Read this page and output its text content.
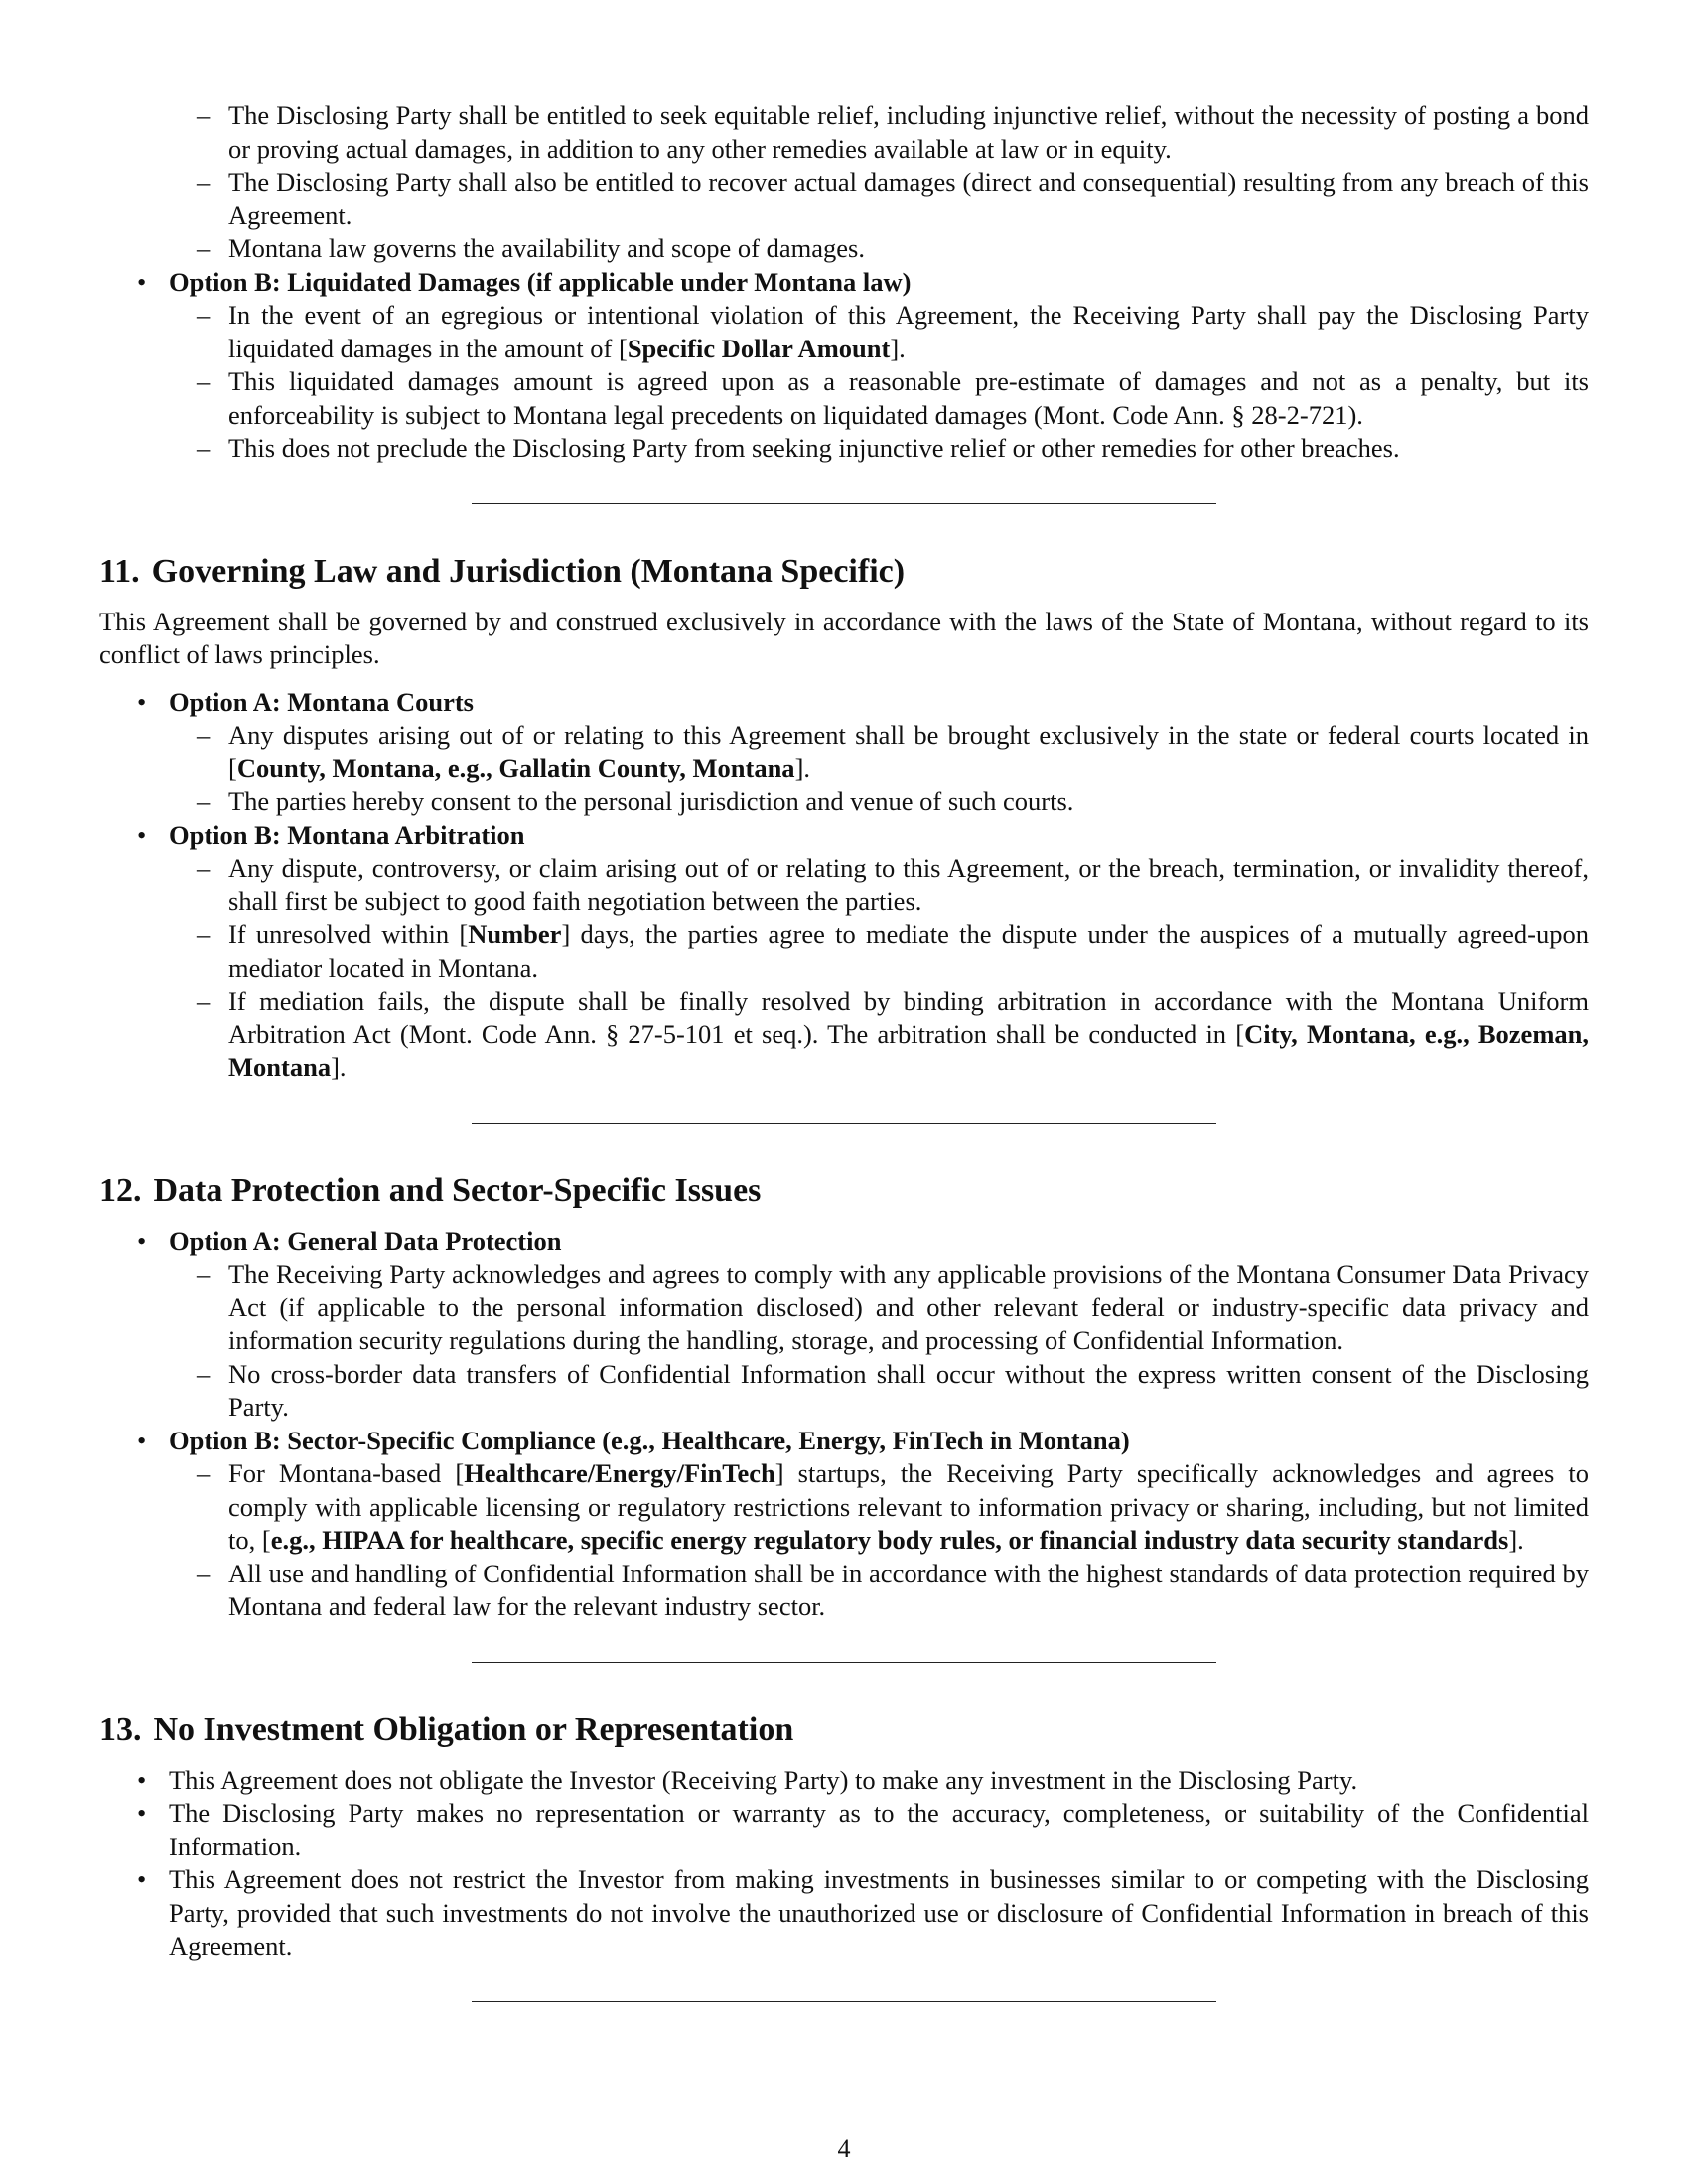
– The Disclosing Party shall be entitled to seek equitable relief, including injunctive relief, without the necessity of posting a bond or proving actual damages, in addition to any other remedies available at law or in equity.
– The Disclosing Party shall also be entitled to recover actual damages (direct and consequential) resulting from any breach of this Agreement.
– Montana law governs the availability and scope of damages.
• Option B: Liquidated Damages (if applicable under Montana law)
– In the event of an egregious or intentional violation of this Agreement, the Receiving Party shall pay the Disclosing Party liquidated damages in the amount of [Specific Dollar Amount].
– This liquidated damages amount is agreed upon as a reasonable pre-estimate of damages and not as a penalty, but its enforceability is subject to Montana legal precedents on liquidated damages (Mont. Code Ann. § 28-2-721).
– This does not preclude the Disclosing Party from seeking injunctive relief or other remedies for other breaches.
11. Governing Law and Jurisdiction (Montana Specific)

This Agreement shall be governed by and construed exclusively in accordance with the laws of the State of Montana, without regard to its conflict of laws principles.

• Option A: Montana Courts
– Any disputes arising out of or relating to this Agreement shall be brought exclusively in the state or federal courts located in [County, Montana, e.g., Gallatin County, Montana].
– The parties hereby consent to the personal jurisdiction and venue of such courts.
• Option B: Montana Arbitration
– Any dispute, controversy, or claim arising out of or relating to this Agreement, or the breach, termination, or invalidity thereof, shall first be subject to good faith negotiation between the parties.
– If unresolved within [Number] days, the parties agree to mediate the dispute under the auspices of a mutually agreed-upon mediator located in Montana.
– If mediation fails, the dispute shall be finally resolved by binding arbitration in accordance with the Montana Uniform Arbitration Act (Mont. Code Ann. § 27-5-101 et seq.). The arbitration shall be conducted in [City, Montana, e.g., Bozeman, Montana].
12. Data Protection and Sector-Specific Issues
• Option A: General Data Protection
– The Receiving Party acknowledges and agrees to comply with any applicable provisions of the Montana Consumer Data Privacy Act (if applicable to the personal information disclosed) and other relevant federal or industry-specific data privacy and information security regulations during the handling, storage, and processing of Confidential Information.
– No cross-border data transfers of Confidential Information shall occur without the express written consent of the Disclosing Party.
• Option B: Sector-Specific Compliance (e.g., Healthcare, Energy, FinTech in Montana)
– For Montana-based [Healthcare/Energy/FinTech] startups, the Receiving Party specifically acknowledges and agrees to comply with applicable licensing or regulatory restrictions relevant to information privacy or sharing, including, but not limited to, [e.g., HIPAA for healthcare, specific energy regulatory body rules, or financial industry data security standards].
– All use and handling of Confidential Information shall be in accordance with the highest standards of data protection required by Montana and federal law for the relevant industry sector.
13. No Investment Obligation or Representation
• This Agreement does not obligate the Investor (Receiving Party) to make any investment in the Disclosing Party.
• The Disclosing Party makes no representation or warranty as to the accuracy, completeness, or suitability of the Confidential Information.
• This Agreement does not restrict the Investor from making investments in businesses similar to or competing with the Disclosing Party, provided that such investments do not involve the unauthorized use or disclosure of Confidential Information in breach of this Agreement.
4
